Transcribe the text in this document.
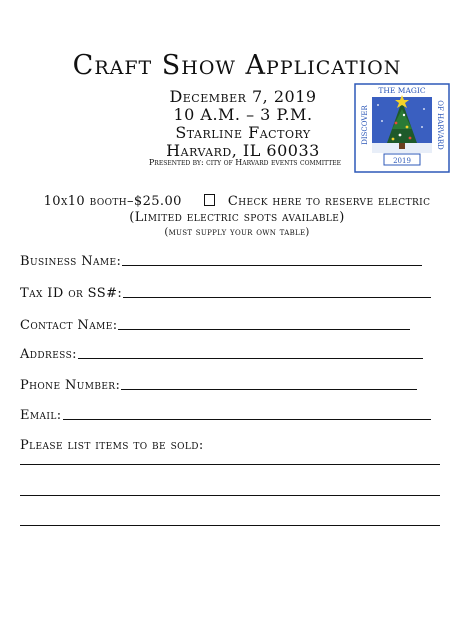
Craft Show Application
December 7, 2019
10 A.M. – 3 P.M.
Starline Factory
Harvard, IL 60033
Presented by: city of Harvard events committee
THE MAGIC
2019
DISCOVER	OF HARVARD
10x10 booth–$25.00	Check here to reserve electric
(Limited electric spots available)
(must supply your own table)
Business Name:
Tax ID or SS#:
Contact Name:
Address:
Phone Number:
Email:
Please list items to be sold:
